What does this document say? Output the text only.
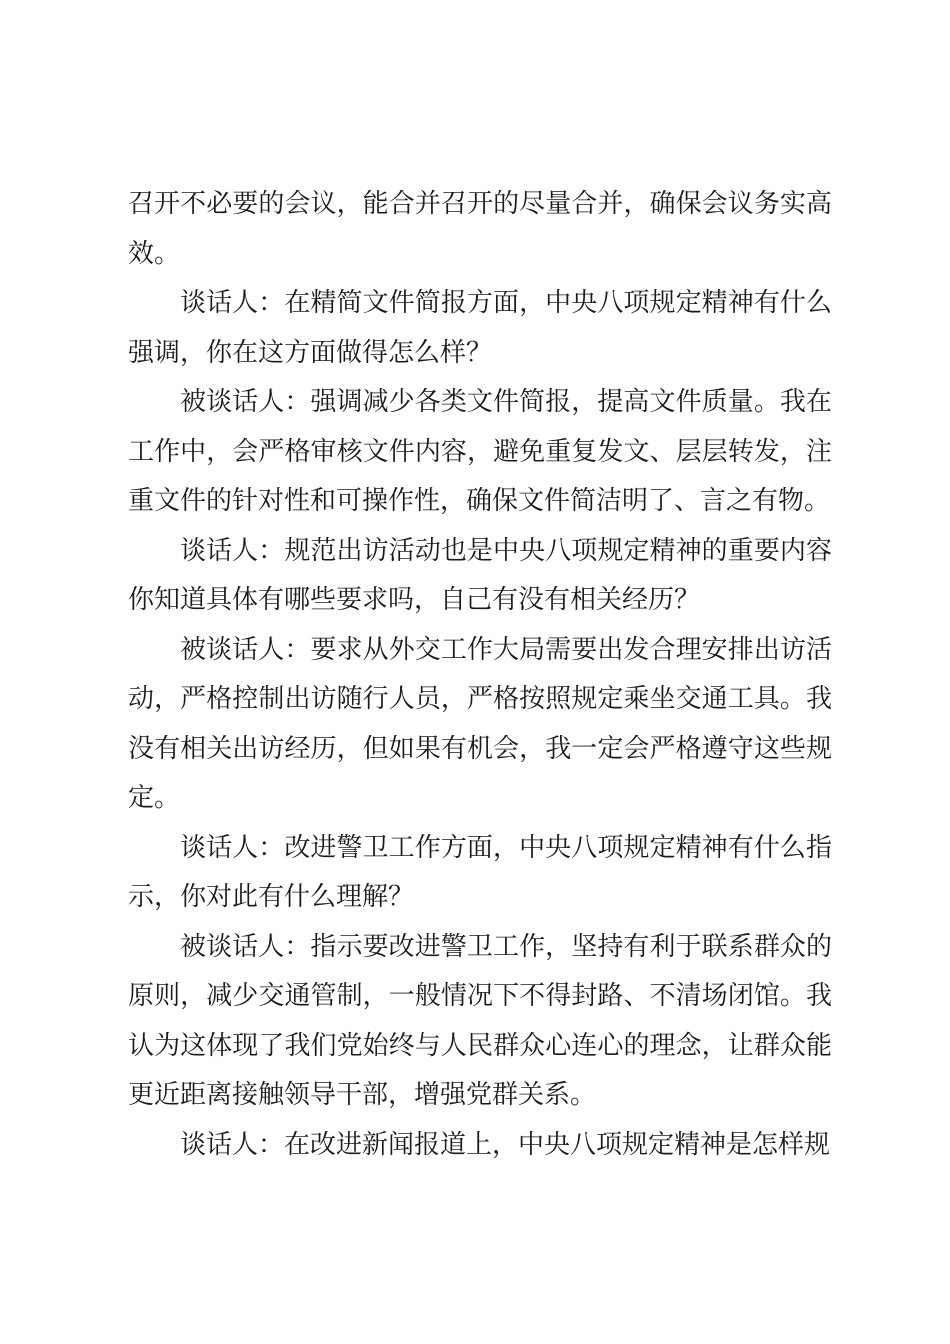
召开不必要的会议，能合并召开的尽量合并，确保会议务实高效。

谈话人：在精简文件简报方面，中央八项规定精神有什么强调，你在这方面做得怎么样？

被谈话人：强调减少各类文件简报，提高文件质量。我在工作中，会严格审核文件内容，避免重复发文、层层转发，注重文件的针对性和可操作性，确保文件简洁明了、言之有物。

谈话人：规范出访活动也是中央八项规定精神的重要内容你知道具体有哪些要求吗，自己有没有相关经历？

被谈话人：要求从外交工作大局需要出发合理安排出访活动，严格控制出访随行人员，严格按照规定乘坐交通工具。我没有相关出访经历，但如果有机会，我一定会严格遵守这些规定。

谈话人：改进警卫工作方面，中央八项规定精神有什么指示，你对此有什么理解？

被谈话人：指示要改进警卫工作，坚持有利于联系群众的原则，减少交通管制，一般情况下不得封路、不清场闭馆。我认为这体现了我们党始终与人民群众心连心的理念，让群众能更近距离接触领导干部，增强党群关系。

谈话人：在改进新闻报道上，中央八项规定精神是怎样规
